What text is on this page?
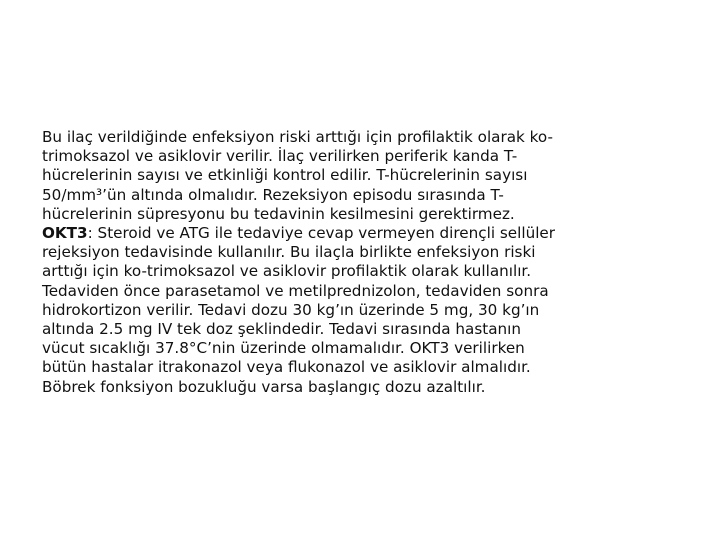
Bu ilaç verildiğinde enfeksiyon riski arttığı için profilaktik olarak ko-
trimoksazol ve asiklovir verilir. İlaç verilirken periferik kanda T-
hücrelerinin sayısı ve etkinliği kontrol edilir. T-hücrelerinin sayısı
50/mm³’ün altında olmalıdır. Rezeksiyon episodu sırasında T-
hücrelerinin süpresyonu bu tedavinin kesilmesini gerektirmez.

OKT3: Steroid ve ATG ile tedaviye cevap vermeyen dirençli sellüler
rejeksiyon tedavisinde kullanılır. Bu ilaçla birlikte enfeksiyon riski
arttığı için ko-trimoksazol ve asiklovir profilaktik olarak kullanılır.
Tedaviden önce parasetamol ve metilprednizolon, tedaviden sonra
hidrokortizon verilir. Tedavi dozu 30 kg’ın üzerinde 5 mg, 30 kg’ın
altında 2.5 mg IV tek doz şeklindedir. Tedavi sırasında hastanın
vücut sıcaklığı 37.8°C’nin üzerinde olmamalıdır. OKT3 verilirken
bütün hastalar itrakonazol veya flukonazol ve asiklovir almalıdır.
Böbrek fonksiyon bozukluğu varsa başlangıç dozu azaltılır.
